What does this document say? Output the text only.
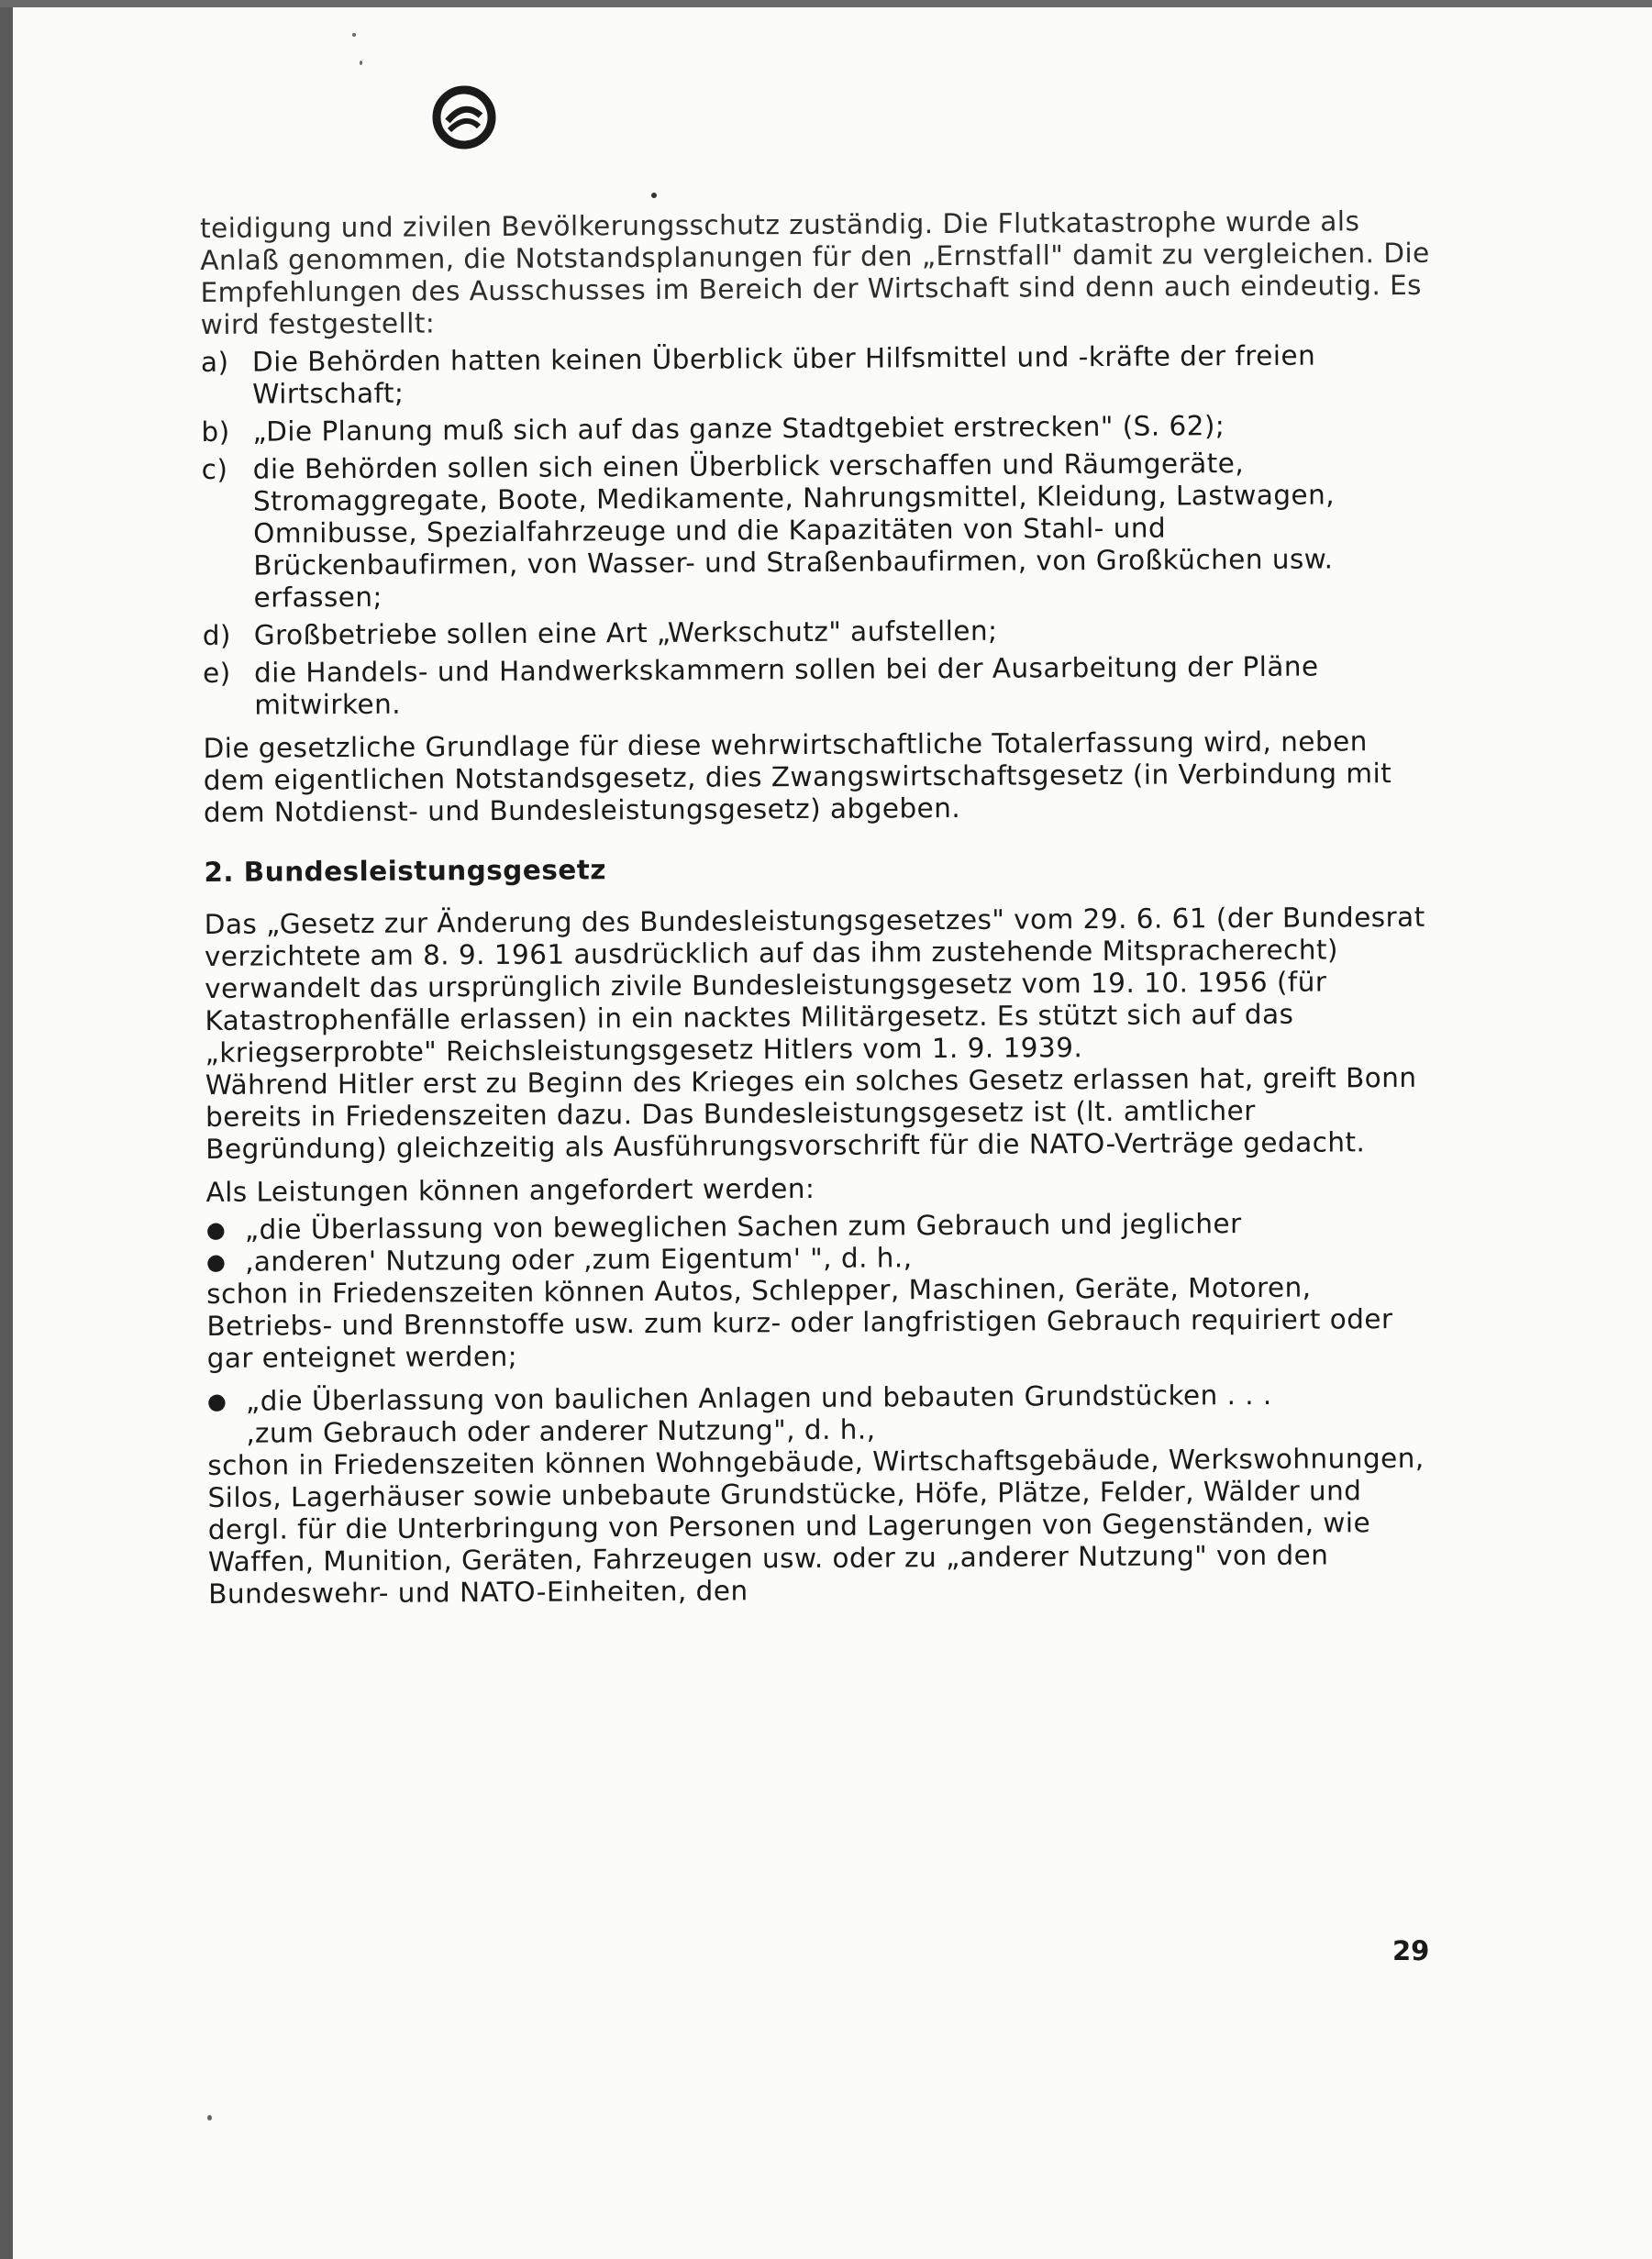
teidigung und zivilen Bevölkerungsschutz zuständig. Die Flutkatastrophe wurde als Anlaß genommen, die Notstandsplanungen für den „Ernstfall" damit zu vergleichen. Die Empfehlungen des Ausschusses im Bereich der Wirtschaft sind denn auch eindeutig. Es wird festgestellt:

a) Die Behörden hatten keinen Überblick über Hilfsmittel und -kräfte der freien Wirtschaft;
b) „Die Planung muß sich auf das ganze Stadtgebiet erstrecken" (S. 62);
c) die Behörden sollen sich einen Überblick verschaffen und Räumgeräte, Stromaggregate, Boote, Medikamente, Nahrungsmittel, Kleidung, Lastwagen, Omnibusse, Spezialfahrzeuge und die Kapazitäten von Stahl- und Brückenbaufirmen, von Wasser- und Straßenbaufirmen, von Großküchen usw. erfassen;
d) Großbetriebe sollen eine Art „Werkschutz" aufstellen;
e) die Handels- und Handwerkskammern sollen bei der Ausarbeitung der Pläne mitwirken.

Die gesetzliche Grundlage für diese wehrwirtschaftliche Totalerfassung wird, neben dem eigentlichen Notstandsgesetz, dies Zwangswirtschaftsgesetz (in Verbindung mit dem Notdienst- und Bundesleistungsgesetz) abgeben.

2. Bundesleistungsgesetz

Das „Gesetz zur Änderung des Bundesleistungsgesetzes" vom 29. 6. 61 (der Bundesrat verzichtete am 8. 9. 1961 ausdrücklich auf das ihm zustehende Mitspracherecht) verwandelt das ursprünglich zivile Bundesleistungsgesetz vom 19. 10. 1956 (für Katastrophenfälle erlassen) in ein nacktes Militärgesetz. Es stützt sich auf das „kriegserprobte" Reichsleistungsgesetz Hitlers vom 1. 9. 1939.

Während Hitler erst zu Beginn des Krieges ein solches Gesetz erlassen hat, greift Bonn bereits in Friedenszeiten dazu. Das Bundesleistungsgesetz ist (lt. amtlicher Begründung) gleichzeitig als Ausführungsvorschrift für die NATO-Verträge gedacht.

Als Leistungen können angefordert werden:

● „die Überlassung von beweglichen Sachen zum Gebrauch und jeglicher
● ‚anderen' Nutzung oder ‚zum Eigentum' ", d. h.,

schon in Friedenszeiten können Autos, Schlepper, Maschinen, Geräte, Motoren, Betriebs- und Brennstoffe usw. zum kurz- oder langfristigen Gebrauch requiriert oder gar enteignet werden;

● „die Überlassung von baulichen Anlagen und bebauten Grundstücken . . .
‚zum Gebrauch oder anderer Nutzung", d. h.,

schon in Friedenszeiten können Wohngebäude, Wirtschaftsgebäude, Werkswohnungen, Silos, Lagerhäuser sowie unbebaute Grundstücke, Höfe, Plätze, Felder, Wälder und dergl. für die Unterbringung von Personen und Lagerungen von Gegenständen, wie Waffen, Munition, Geräten, Fahrzeugen usw. oder zu „anderer Nutzung" von den Bundeswehr- und NATO-Einheiten, den

29
